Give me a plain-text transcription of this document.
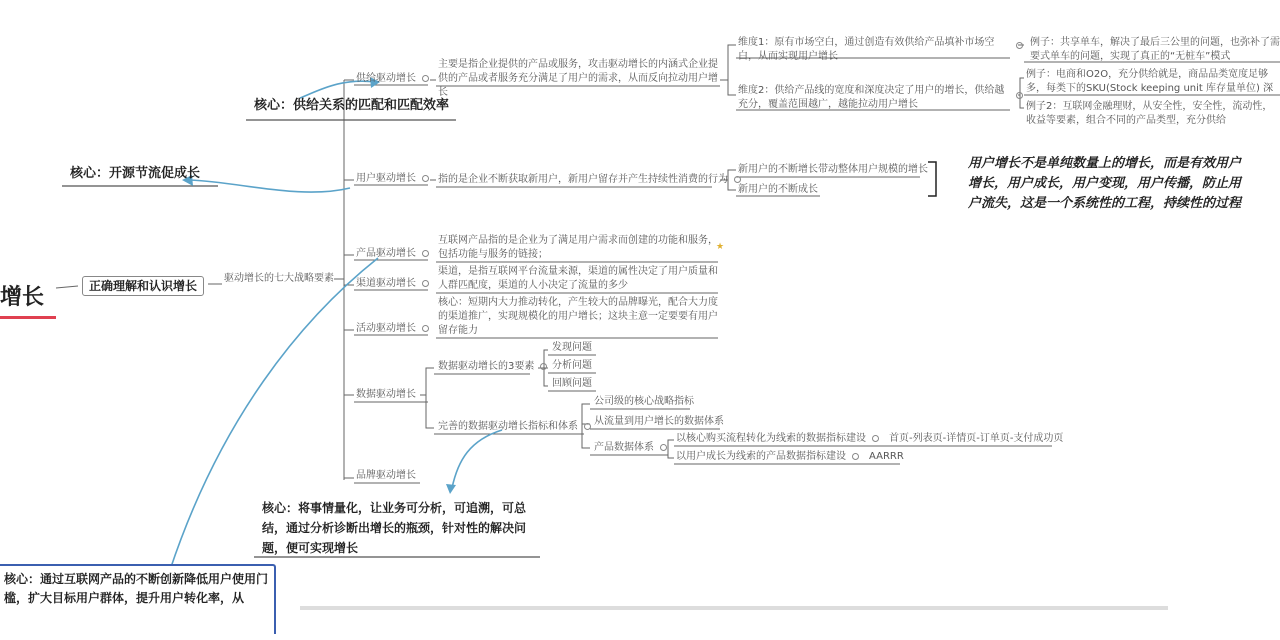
增长	正确理解和认识增长
驱动增长的七大战略要素
供给驱动增长
用户驱动增长
产品驱动增长
渠道驱动增长
活动驱动增长
数据驱动增长
品牌驱动增长
主要是指企业提供的产品或服务，攻击驱动增长的内涵式企业提供的产品或者服务充分满足了用户的需求，从而反向拉动用户增长
维度1：原有市场空白，通过创造有效供给产品填补市场空白，从而实现用户增长
维度2：供给产品线的宽度和深度决定了用户的增长，供给越充分，覆盖范围越广，越能拉动用户增长
例子：共享单车，解决了最后三公里的问题，也弥补了需要式单车的问题，实现了真正的“无桩车”模式
例子：电商和O2O，充分供给就是，商品品类宽度足够多，每类下的SKU(Stock keeping unit 库存量单位) 深
例子2：互联网金融理财，从安全性，安全性，流动性，收益等要素，组合不同的产品类型，充分供给
核心：供给关系的匹配和匹配效率
核心：开源节流促成长	指的是企业不断获取新用户，新用户留存并产生持续性消费的行为
新用户的不断增长带动整体用户规模的增长
新用户的不断成长
用户增长不是单纯数量上的增长，而是有效用户增长，用户成长，用户变现，用户传播，防止用户流失，这是一个系统性的工程，持续性的过程
互联网产品指的是企业为了满足用户需求而创建的功能和服务，包括功能与服务的链接；
★
渠道，是指互联网平台流量来源，渠道的属性决定了用户质量和人群匹配度，渠道的人小决定了流量的多少
核心：短期内大力推动转化，产生较大的品牌曝光，配合大力度的渠道推广，实现规模化的用户增长；这块主意一定要要有用户留存能力
数据驱动增长的3要素
完善的数据驱动增长指标和体系
发现问题
分析问题
回顾问题
公司级的核心战略指标
从流量到用户增长的数据体系
产品数据体系
以核心购买流程转化为线索的数据指标建设 首页-列表页-详情页-订单页-支付成功页
以用户成长为线索的产品数据指标建设 AARRR
核心：将事情量化，让业务可分析，可追溯，可总结，通过分析诊断出增长的瓶颈，针对性的解决问题，便可实现增长
核心：通过互联网产品的不断创新降低用户使用门槛，扩大目标用户群体，提升用户转化率，从
